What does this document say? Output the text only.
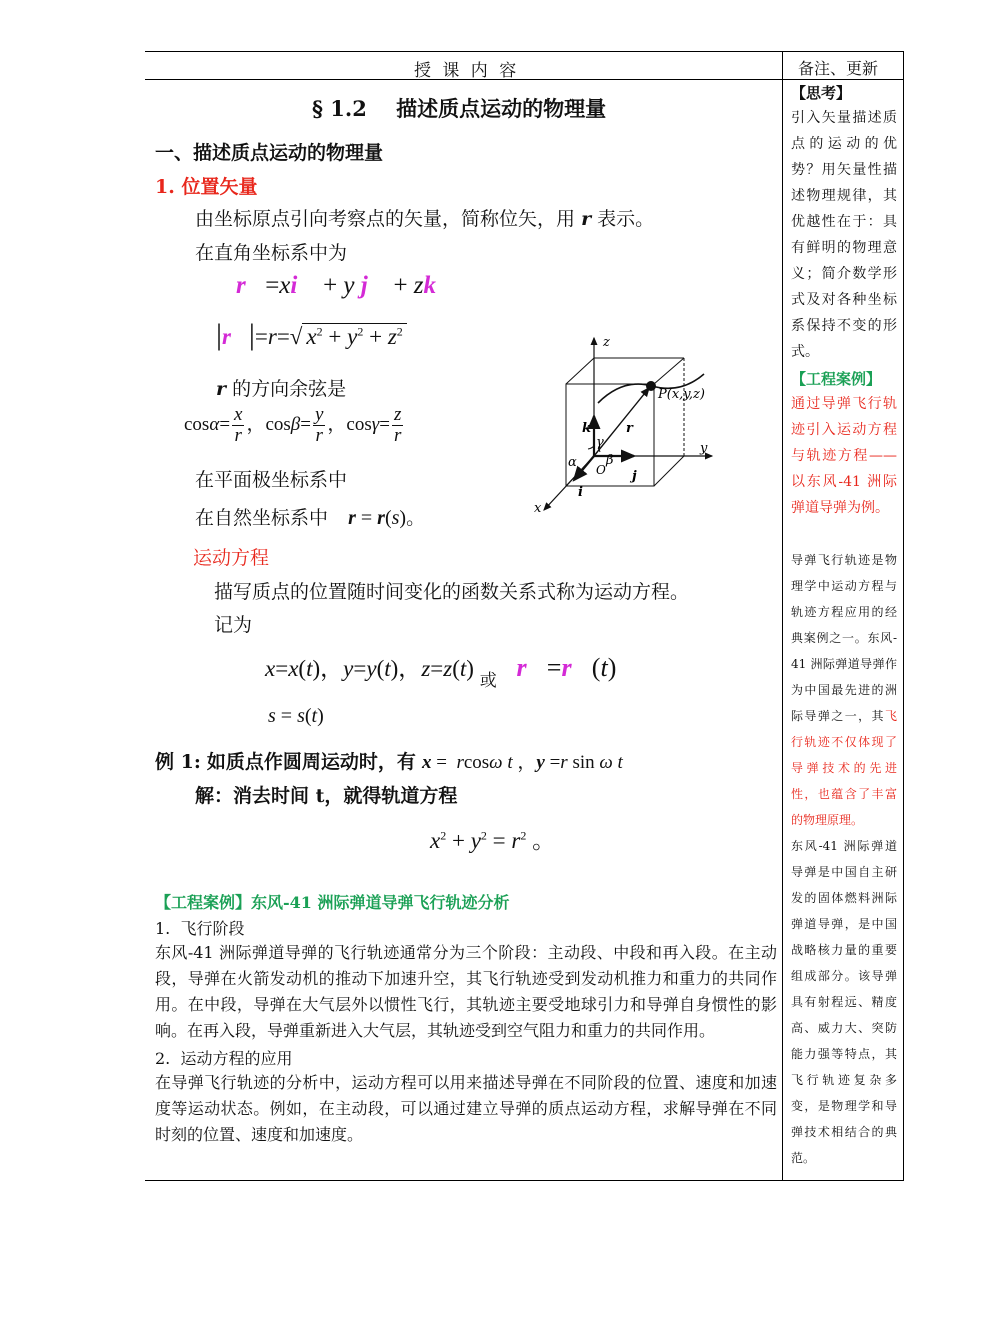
授 课 内 容	备注、更新
§ 1.2    描述质点运动的物理量
一、描述质点运动的物理量
1. 位置矢量
由坐标原点引向考察点的矢量，简称位矢，用 r 表示。
在直角坐标系中为
r⃗=xi⃗ + y j⃗ + zk⃗
|r⃗|=r=√ $x^2 + y^2 + z^2$
r 的方向余弦是
$\cos\alpha= \frac{x}{r}$ ，$\cos\beta= \frac{y}{r}$ ，$\cos\gamma= \frac{z}{r}$
在平面极坐标系中
在自然坐标系中 r = r(s)。
运动方程
描写质点的位置随时间变化的函数关系式称为运动方程。
记为
x=x(t)，y=y(t)，z=z(t) $_或$ r⃗=r⃗(t)
s = s(t)
例 1: 如质点作圆周运动时，有 x =  rcosω t ，y =r sin ω t
解：消去时间 t，就得轨道方程
$x^2 + y^2 = r^2$ 。
【工程案例】东风-41 洲际弹道导弹飞行轨迹分析
1.  飞行阶段
东风-41 洲际弹道导弹的飞行轨迹通常分为三个阶段：主动段、中段和再入段。在主动段，导弹在火箭发动机的推动下加速升空，其飞行轨迹受到发动机推力和重力的共同作用。在中段，导弹在大气层外以惯性飞行，其轨迹主要受地球引力和导弹自身惯性的影响。在再入段，导弹重新进入大气层，其轨迹受到空气阻力和重力的共同作用。
2.  运动方程的应用
在导弹飞行轨迹的分析中，运动方程可以用来描述导弹在不同阶段的位置、速度和加速度等运动状态。例如，在主动段，可以通过建立导弹的质点运动方程，求解导弹在不同时刻的位置、速度和加速度。
z
y
x
P(x,y,z)
O
r
k
j
i
α β
γ
【思考】
引入矢量描述质点的运动的优势？用矢量性描述物理规律，其优越性在于：具有鲜明的物理意义；简介数学形式及对各种坐标系保持不变的形式。
【工程案例】
通过导弹飞行轨迹引入运动方程与轨迹方程——以东风-41 洲际弹道导弹为例。
导弹飞行轨迹是物理学中运动方程与轨迹方程应用的经典案例之一。东风-41 洲际弹道导弹作为中国最先进的洲际导弹之一，其飞行轨迹不仅体现了导弹技术的先进性，也蕴含了丰富的物理原理。
东风-41 洲际弹道导弹是中国自主研发的固体燃料洲际弹道导弹，是中国战略核力量的重要组成部分。该导弹具有射程远、精度高、威力大、突防能力强等特点，其飞行轨迹复杂多变，是物理学和导弹技术相结合的典范。
